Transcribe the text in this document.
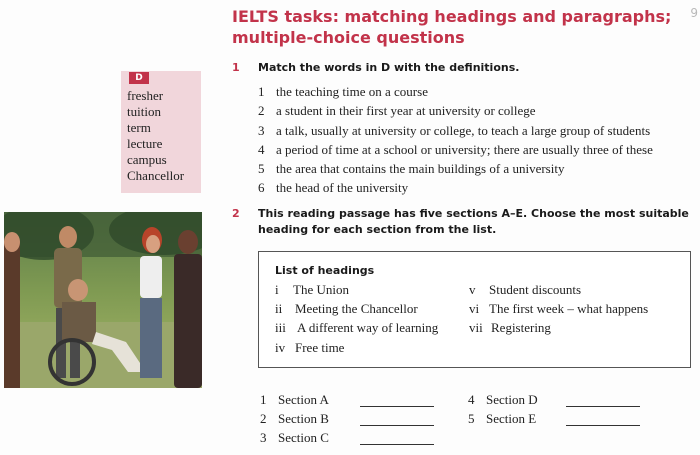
IELTS tasks: matching headings and paragraphs;
multiple-choice questions
9
1 Match the words in D with the definitions.
D
fresher
tuition
term
lecture
campus
Chancellor
1 the teaching time on a course
2 a student in their first year at university or college
3 a talk, usually at university or college, to teach a large group of students
4 a period of time at a school or university; there are usually three of these
5 the area that contains the main buildings of a university
6 the head of the university
2 This reading passage has five sections A–E. Choose the most suitable
heading for each section from the list.
List of headings
i The Union
ii Meeting the Chancellor
iii A different way of learning
iv Free time
v Student discounts
vi The first week – what happens
vii Registering
1 Section A
2 Section B
3 Section C
4 Section D
5 Section E
